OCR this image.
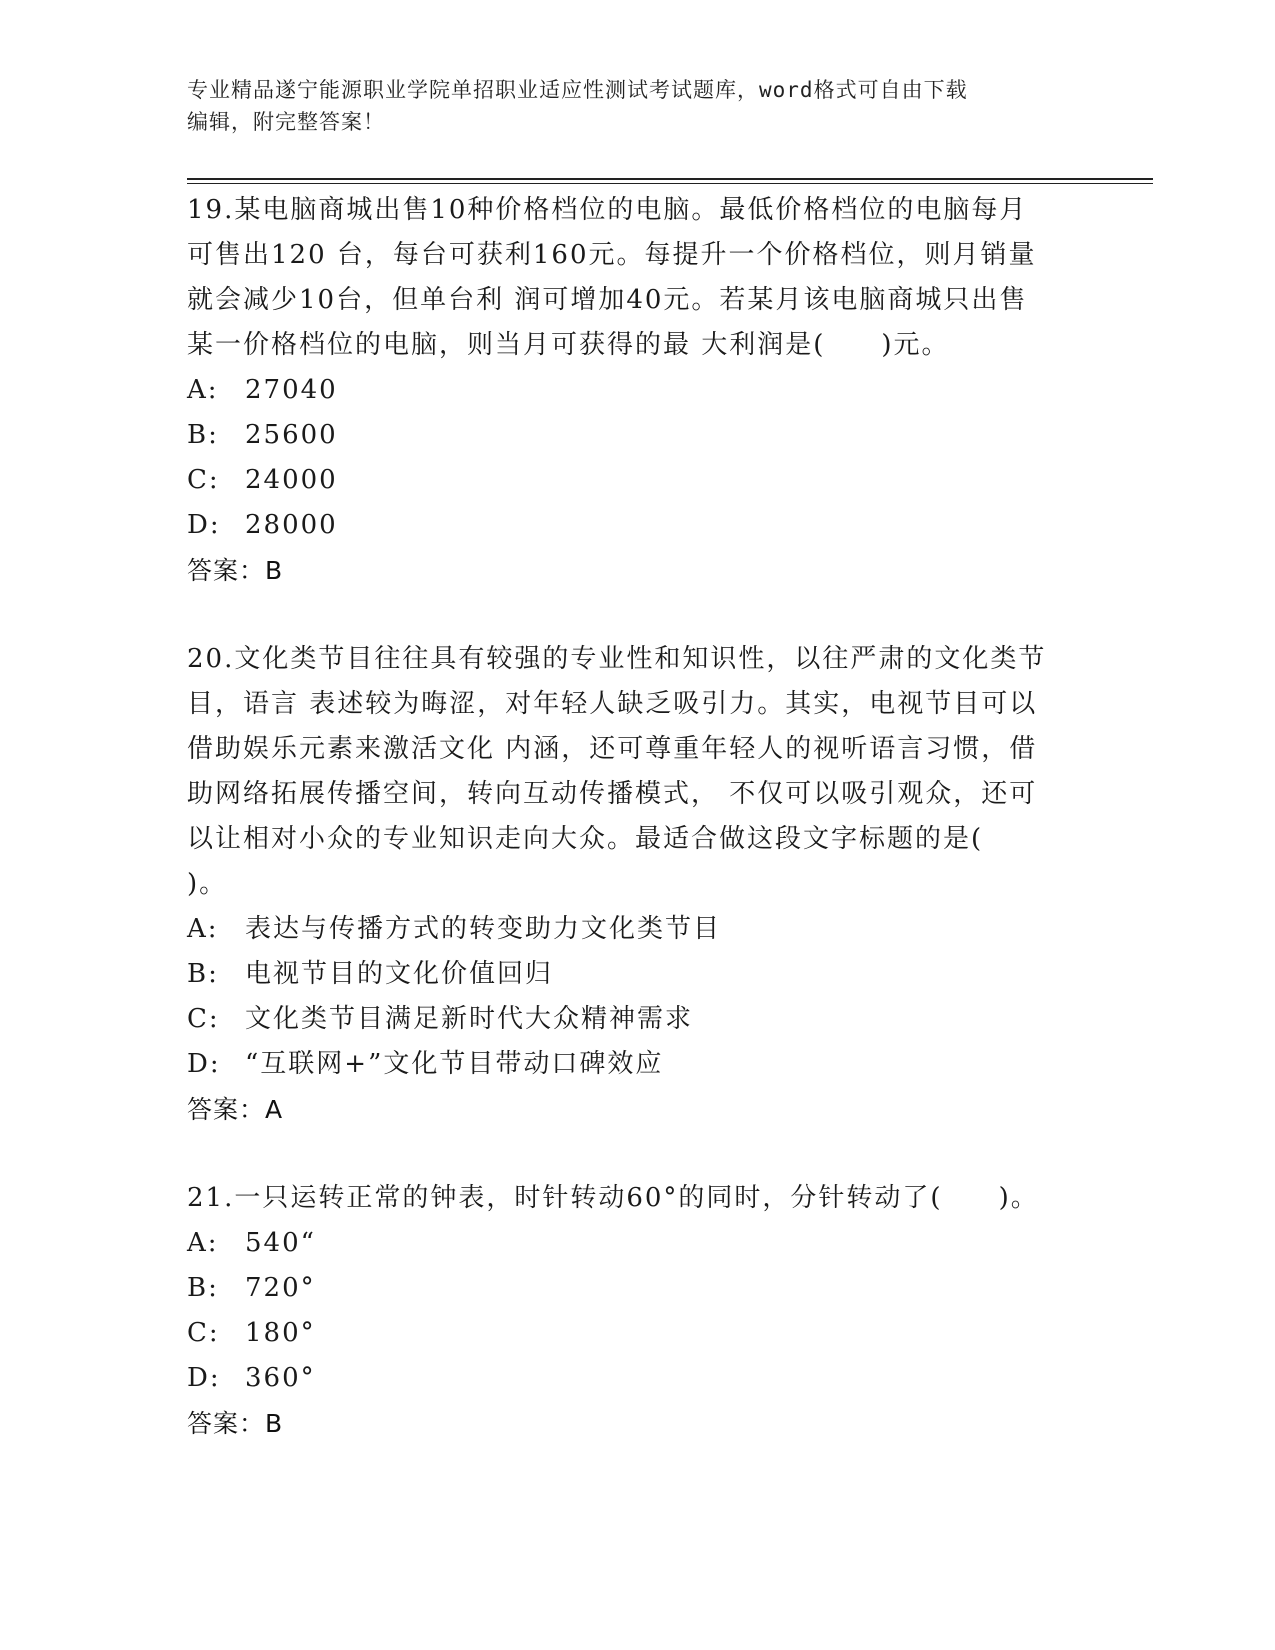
专业精品遂宁能源职业学院单招职业适应性测试考试题库，word格式可自由下载
编辑，附完整答案！

19.某电脑商城出售10种价格档位的电脑。最低价格档位的电脑每月

可售出120 台，每台可获利160元。每提升一个价格档位，则月销量

就会减少10台，但单台利 润可增加40元。若某月该电脑商城只出售

某一价格档位的电脑，则当月可获得的最 大利润是(　　)元。

A:	27040
B:	25600
C: 24000
D: 28000
答案：B

20.文化类节目往往具有较强的专业性和知识性，以往严肃的文化类节

目，语言 表述较为晦涩，对年轻人缺乏吸引力。其实，电视节目可以

借助娱乐元素来激活文化 内涵，还可尊重年轻人的视听语言习惯，借

助网络拓展传播空间，转向互动传播模式， 不仅可以吸引观众，还可

以让相对小众的专业知识走向大众。最适合做这段文字标题的是(

)。

A:	表达与传播方式的转变助力文化类节目
B:	电视节目的文化价值回归
C: 文化类节目满足新时代大众精神需求
D: “互联网+”文化节目带动口碑效应
答案：A

21.一只运转正常的钟表，时针转动60°的同时，分针转动了(　　)。

A:	540“
B:	720°
C: 180°
D: 360°
答案：B
